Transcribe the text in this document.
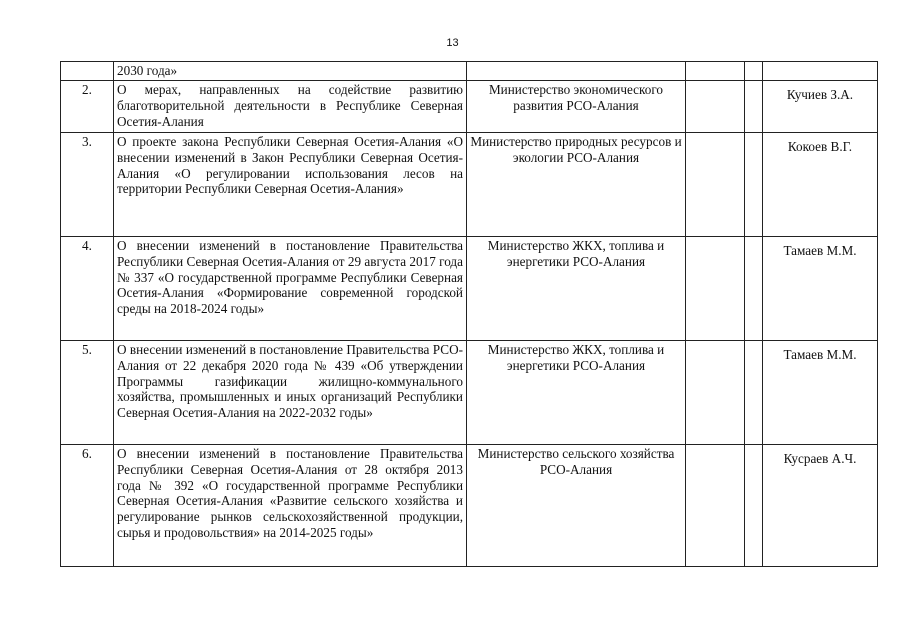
13
	2030 года»				
2.	О мерах, направленных на содействие развитию благотворительной деятельности в Республике Северная Осетия-Алания	Министерство экономического развития РСО-Алания			Кучиев З.А.
3.	О проекте закона Республики Северная Осетия-Алания «О внесении изменений в Закон Республики Северная Осетия-Алания «О регулировании использования лесов на территории Республики Северная Осетия-Алания»	Министерство природных ресурсов и экологии РСО-Алания			Кокоев В.Г.
4.	О внесении изменений в постановление Правительства Республики Северная Осетия-Алания от 29 августа 2017 года № 337 «О государственной программе Республики Северная Осетия-Алания «Формирование современной городской среды на 2018-2024 годы»	Министерство ЖКХ, топлива и энергетики РСО-Алания			Тамаев М.М.
5.	О внесении изменений в постановление Правительства РСО-Алания от 22 декабря 2020 года № 439 «Об утверждении Программы газификации жилищно-коммунального хозяйства, промышленных и иных организаций Республики Северная Осетия-Алания на 2022-2032 годы»	Министерство ЖКХ, топлива и энергетики РСО-Алания			Тамаев М.М.
6.	О внесении изменений в постановление Правительства Республики Северная Осетия-Алания от 28 октября 2013 года № 392 «О государственной программе Республики Северная Осетия-Алания «Развитие сельского хозяйства и регулирование рынков сельскохозяйственной продукции, сырья и продовольствия» на 2014-2025 годы»	Министерство сельского хозяйства РСО-Алания			Кусраев А.Ч.
